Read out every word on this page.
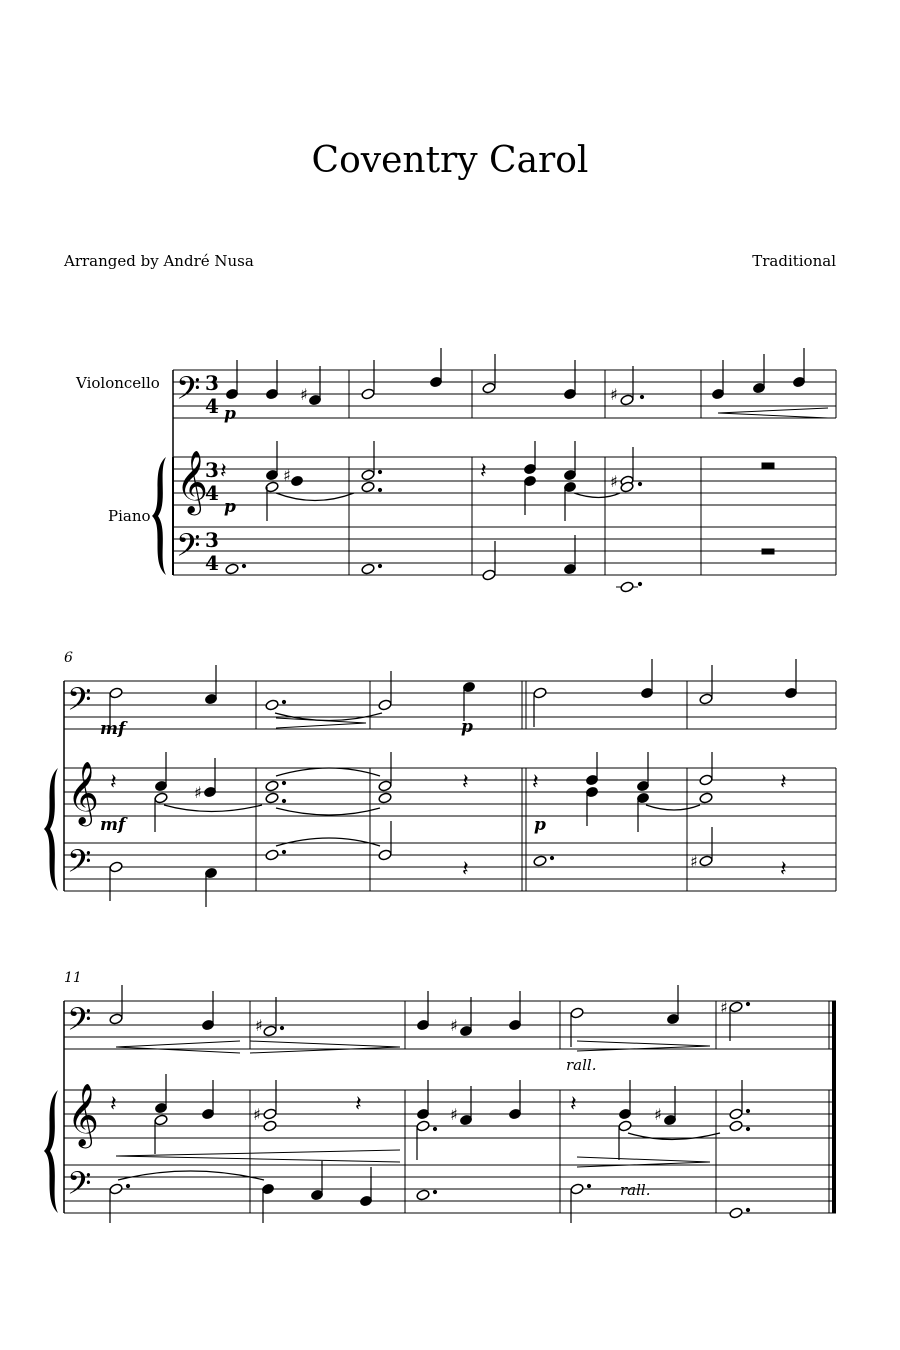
Coventry Carol
Arranged by André Nusa	Traditional
Violoncello
Piano
6
11
𝄢
𝄞
𝄢
3
4
3
4
3
4
♯	♯
p
𝄽	♯	𝄽	♯
p
𝄢
𝄞
𝄢
mf	p
𝄽	♯	𝄽	𝄽	𝄽
mf	p
𝄽	♯	𝄽
𝄢
𝄞
𝄢
♯	♯
♯
rall.
𝄽	♯	𝄽	♯	𝄽	♯
rall.
